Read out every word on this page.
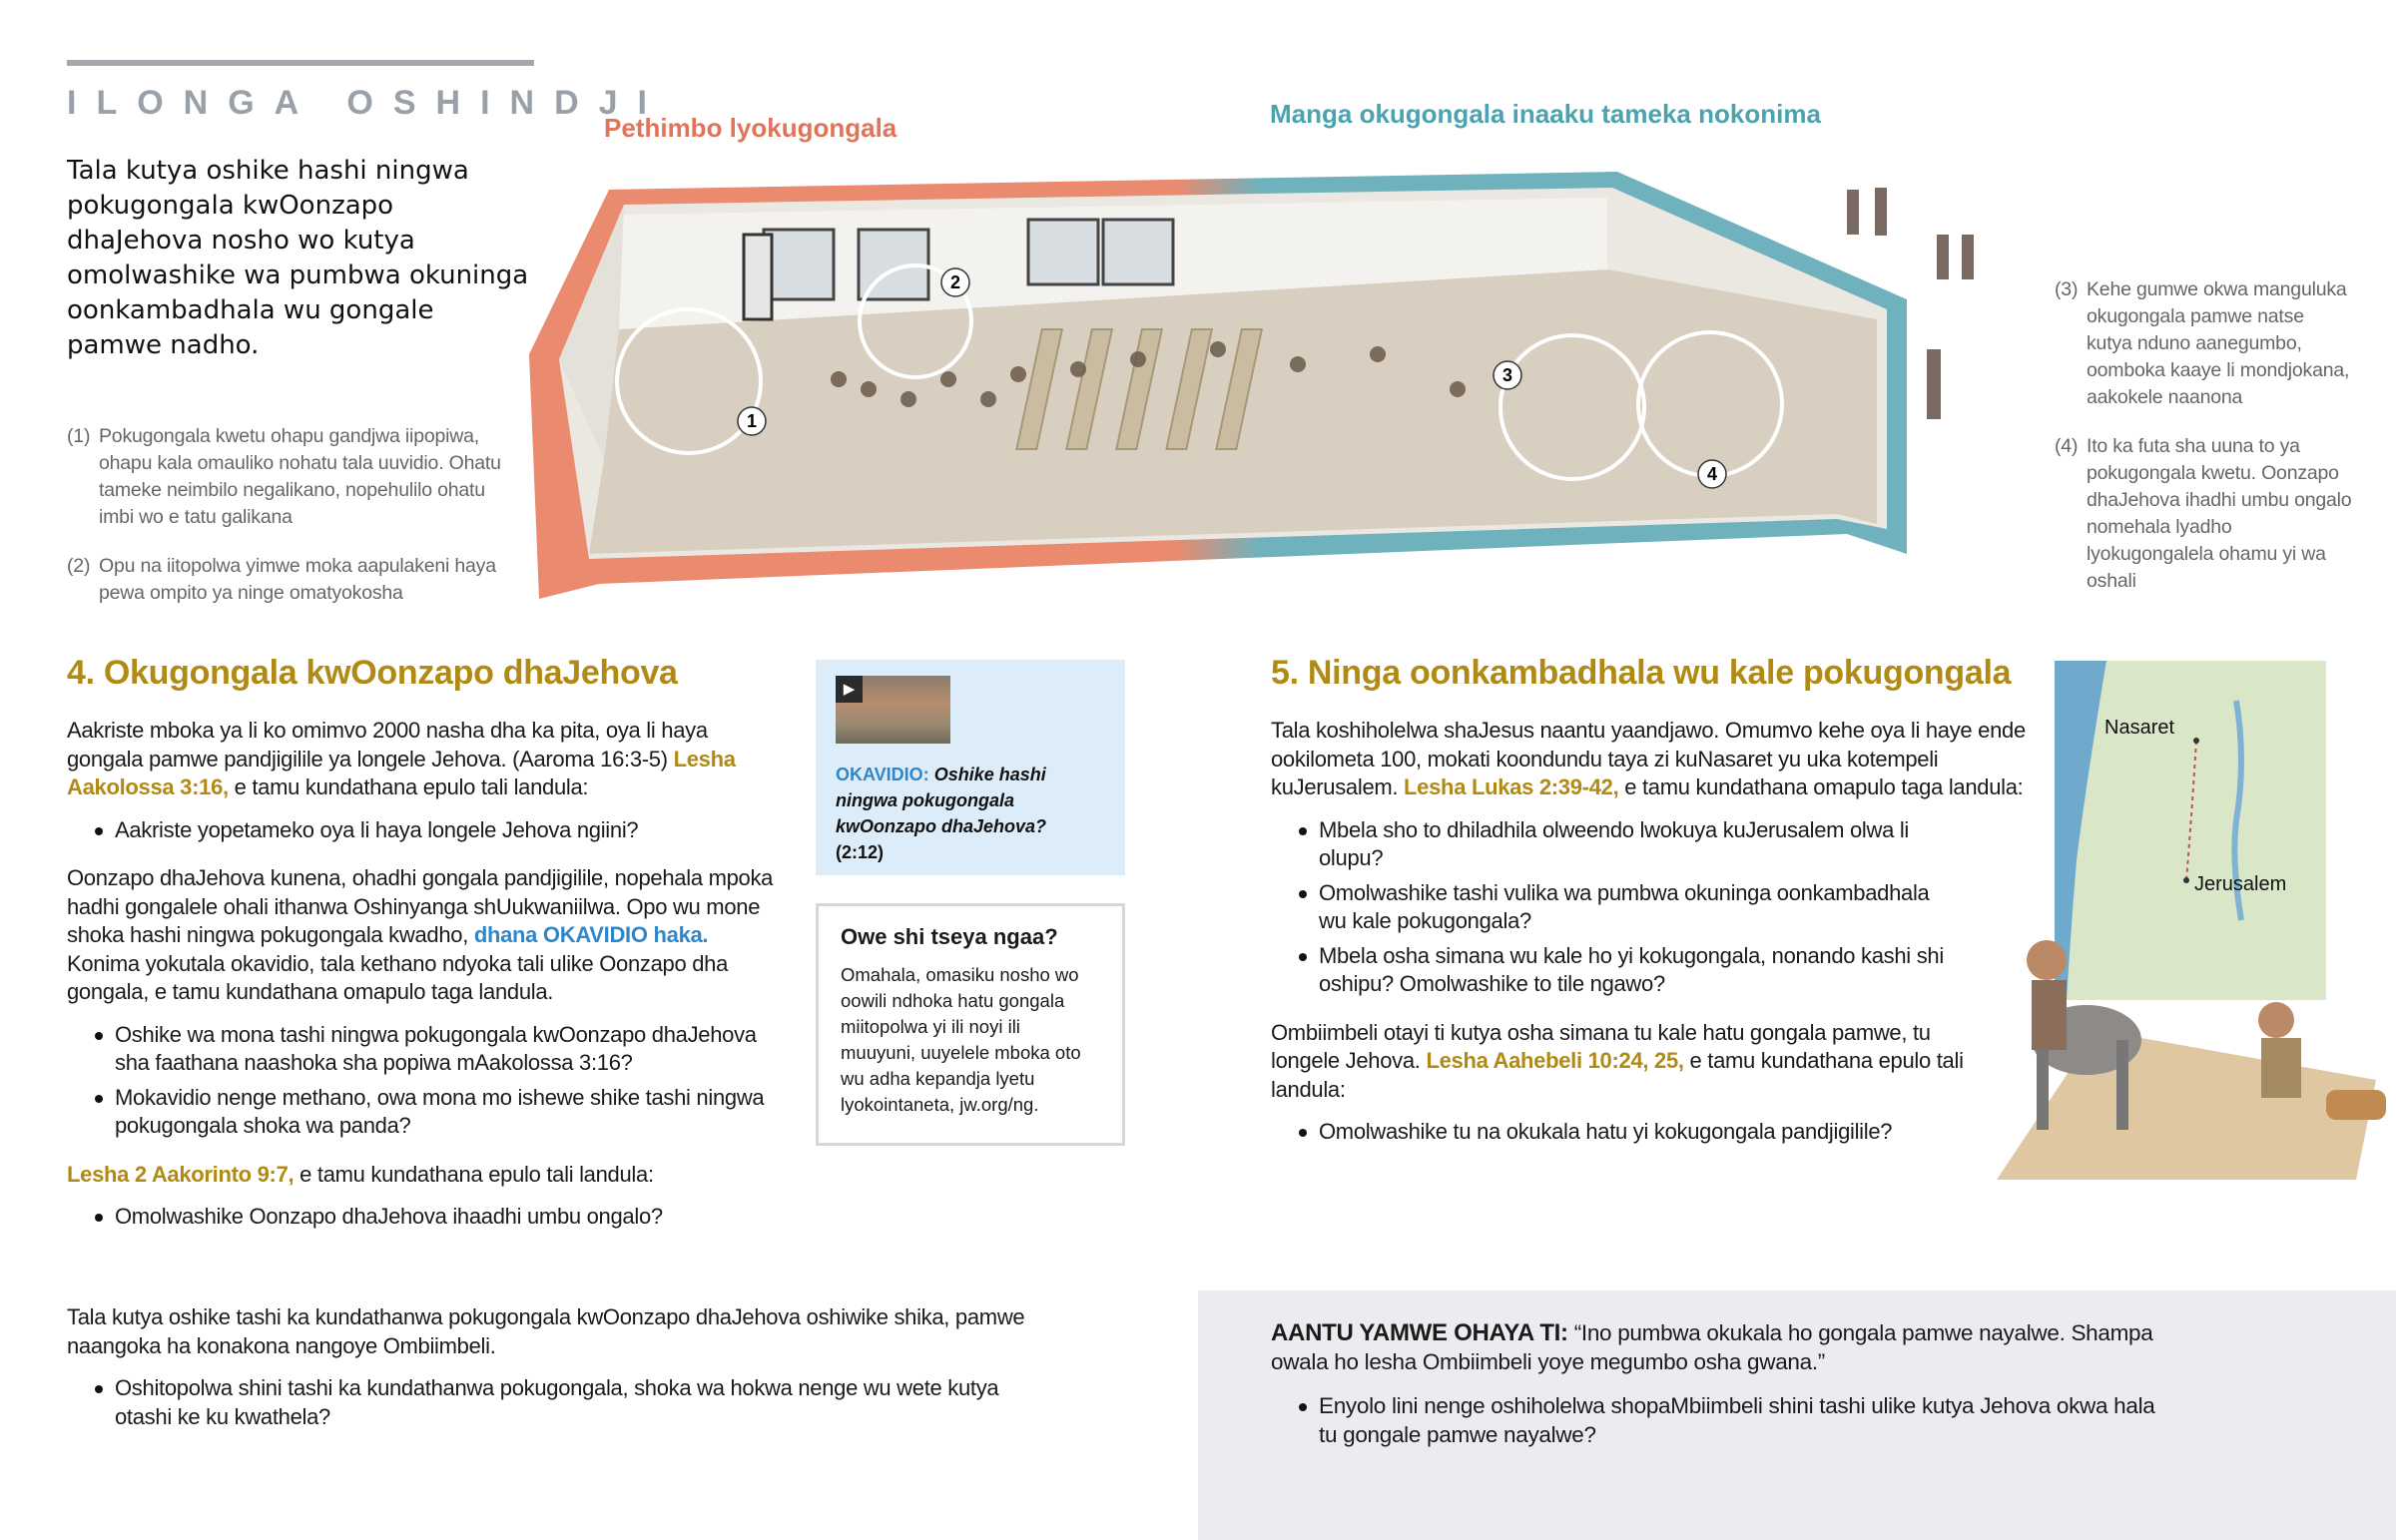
ILONGA OSHINDJI
Tala kutya oshike hashi ningwa pokugongala kwOonzapo dhaJehova nosho wo kutya omolwashike wa pumbwa okuninga oonkambadhala wu gongale pamwe nadho.
(1) Pokugongala kwetu ohapu gandjwa iipopiwa, ohapu kala omauliko nohatu tala uuvidio. Ohatu tameke neimbilo negalikano, nopehulilo ohatu imbi wo e tatu galikana
(2) Opu na iitopolwa yimwe moka aapulakeni haya pewa ompito ya ninge omatyokosha
Pethimbo lyokugongala	Manga okugongala inaaku tameka nokonima
1
2
3
4
(3) Kehe gumwe okwa manguluka okugongala pamwe natse kutya nduno aanegumbo, oomboka kaaye li mondjokana, aakokele naanona
(4) Ito ka futa sha uuna to ya pokugongala kwetu. Oonzapo dhaJehova ihadhi umbu ongalo nomehala lyadho lyokugongalela ohamu yi wa oshali
4. Okugongala kwOonzapo dhaJehova

Aakriste mboka ya li ko omimvo 2000 nasha dha ka pita, oya li haya gongala pamwe pandjigilile ya longele Jehova. (Aaroma 16:3-5) Lesha Aakolossa 3:16, e tamu kundathana epulo tali landula:

Aakriste yopetameko oya li haya longele Jehova ngiini?

Oonzapo dhaJehova kunena, ohadhi gongala pandjigilile, nopehala mpoka hadhi gongalele ohali ithanwa Oshinyanga shUukwaniilwa. Opo wu mone shoka hashi ningwa pokugongala kwadho, dhana OKAVIDIO haka. Konima yokutala okavidio, tala kethano ndyoka tali ulike Oonzapo dha gongala, e tamu kundathana omapulo taga landula.

Oshike wa mona tashi ningwa pokugongala kwOonzapo dhaJehova sha faathana naashoka sha popiwa mAakolossa 3:16?
Mokavidio nenge methano, owa mona mo ishewe shike tashi ningwa pokugongala shoka wa panda?

Lesha 2 Aakorinto 9:7, e tamu kundathana epulo tali landula:

Omolwashike Oonzapo dhaJehova ihaadhi umbu ongalo?

Tala kutya oshike tashi ka kundathanwa pokugongala kwOonzapo dhaJehova oshiwike shika, pamwe naangoka ha konakona nangoye Ombiimbeli.

Oshitopolwa shini tashi ka kundathanwa pokugongala, shoka wa hokwa nenge wu wete kutya otashi ke ku kwathela?
▶
OKAVIDIO: Oshike hashi ningwa pokugongala kwOonzapo dhaJehova?
(2:12)
Owe shi tseya ngaa?
Omahala, omasiku nosho wo oowili ndhoka hatu gongala miitopolwa yi ili noyi ili muuyuni, uuyelele mboka oto wu adha kepandja lyetu lyokointaneta, jw.org/ng.
5. Ninga oonkambadhala wu kale pokugongala

Tala koshiholelwa shaJesus naantu yaandjawo. Omumvo kehe oya li haye ende ookilometa 100, mokati koondundu taya zi kuNasaret yu uka kotempeli kuJerusalem. Lesha Lukas 2:39-42, e tamu kundathana omapulo taga landula:

Mbela sho to dhiladhila olweendo lwokuya kuJerusalem olwa li olupu?
Omolwashike tashi vulika wa pumbwa okuninga oonkambadhala wu kale pokugongala?
Mbela osha simana wu kale ho yi kokugongala, nonando kashi shi oshipu? Omolwashike to tile ngawo?

Ombiimbeli otayi ti kutya osha simana tu kale hatu gongala pamwe, tu longele Jehova. Lesha Aahebeli 10:24, 25, e tamu kundathana epulo tali landula:

Omolwashike tu na okukala hatu yi kokugongala pandjigilile?
Nasaret
Jerusalem

AANTU YAMWE OHAYA TI: “Ino pumbwa okukala ho gongala pamwe nayalwe. Shampa owala ho lesha Ombiimbeli yoye megumbo osha gwana.”

Enyolo lini nenge oshiholelwa shopaMbiimbeli shini tashi ulike kutya Jehova okwa hala tu gongale pamwe nayalwe?
